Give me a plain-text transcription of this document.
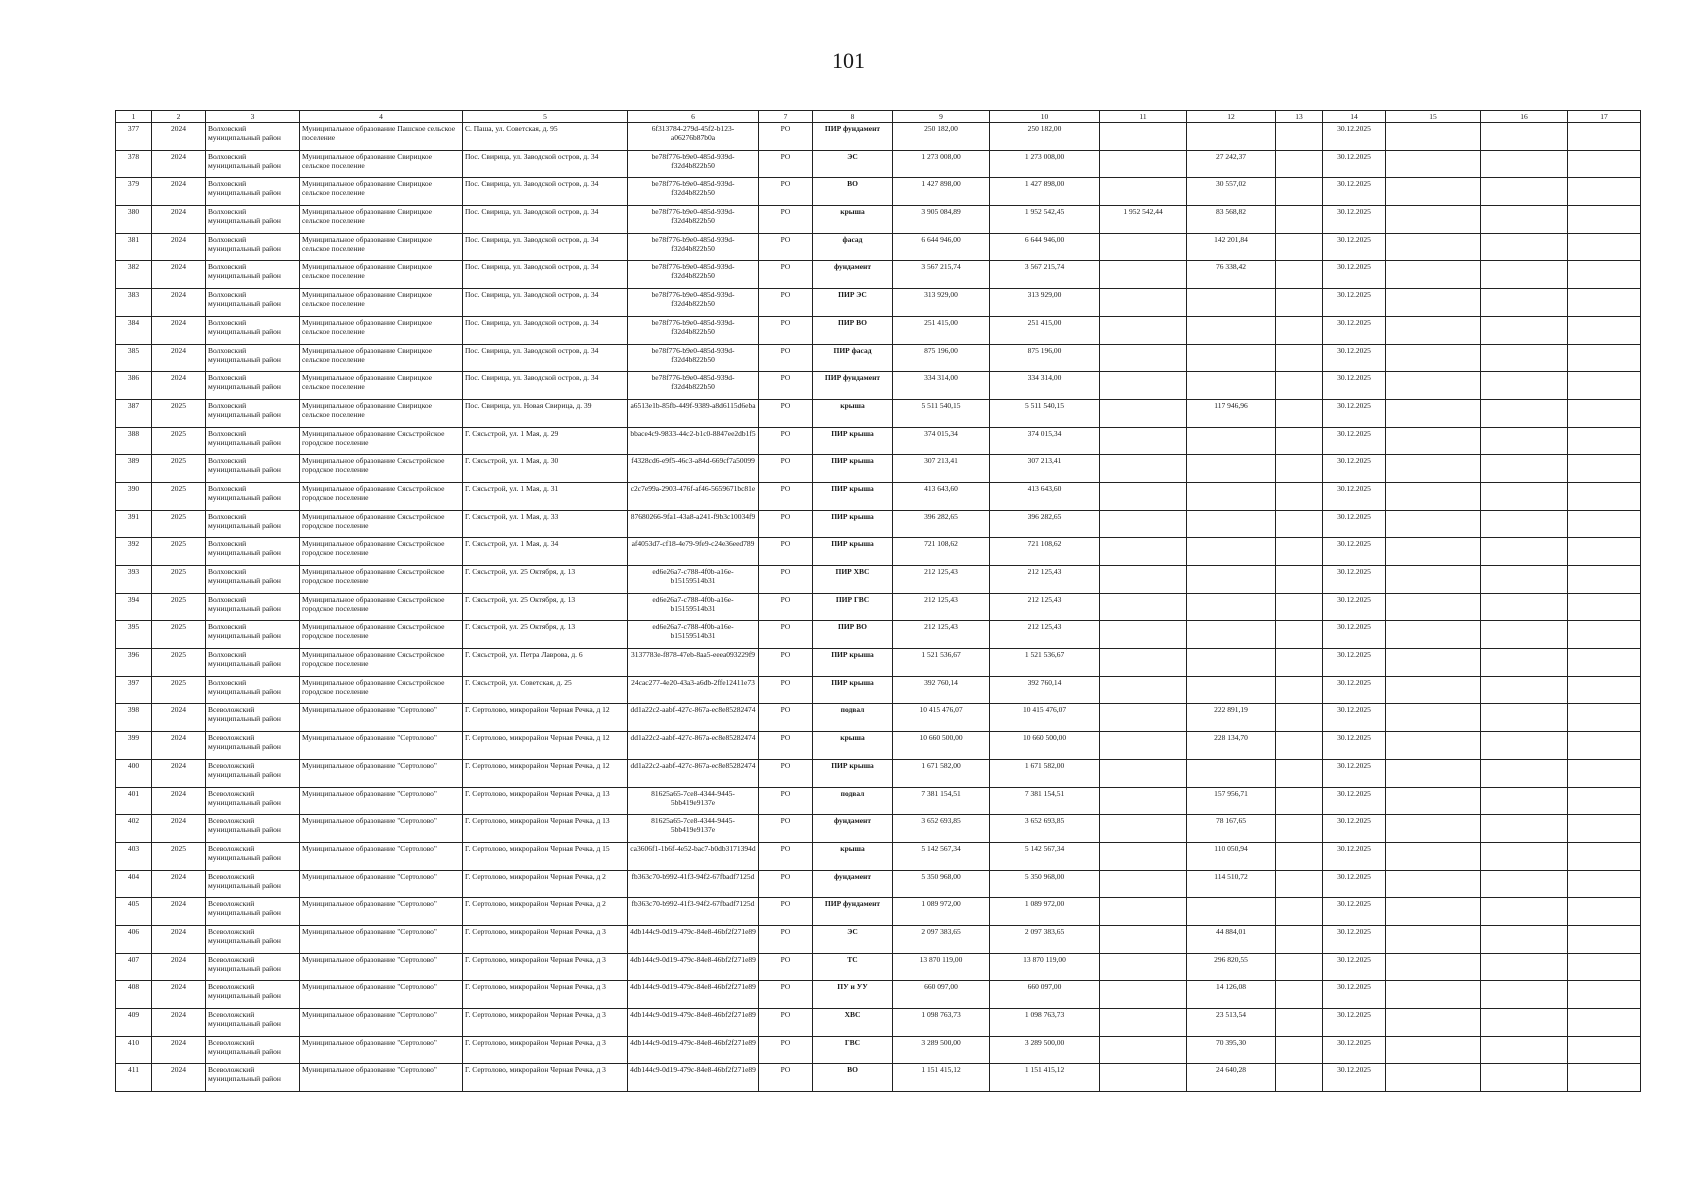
101
1	2	3	4	5	6	7	8	9	10	11	12	13	14	15	16	17
377	2024	Волховский муниципальный район	Муниципальное образование Пашское сельское поселение	С. Паша, ул. Советская, д. 95	6f313784-279d-45f2-b123-a06276b87b0a	РО	ПИР фундамент	250 182,00	250 182,00				30.12.2025			
378	2024	Волховский муниципальный район	Муниципальное образование Свирицкое сельское поселение	Пос. Свирица, ул. Заводской остров, д. 34	be78f776-b9e0-485d-939d-f32d4b822b50	РО	ЭС	1 273 008,00	1 273 008,00		27 242,37		30.12.2025			
379	2024	Волховский муниципальный район	Муниципальное образование Свирицкое сельское поселение	Пос. Свирица, ул. Заводской остров, д. 34	be78f776-b9e0-485d-939d-f32d4b822b50	РО	ВО	1 427 898,00	1 427 898,00		30 557,02		30.12.2025			
380	2024	Волховский муниципальный район	Муниципальное образование Свирицкое сельское поселение	Пос. Свирица, ул. Заводской остров, д. 34	be78f776-b9e0-485d-939d-f32d4b822b50	РО	крыша	3 905 084,89	1 952 542,45	1 952 542,44	83 568,82		30.12.2025			
381	2024	Волховский муниципальный район	Муниципальное образование Свирицкое сельское поселение	Пос. Свирица, ул. Заводской остров, д. 34	be78f776-b9e0-485d-939d-f32d4b822b50	РО	фасад	6 644 946,00	6 644 946,00		142 201,84		30.12.2025			
382	2024	Волховский муниципальный район	Муниципальное образование Свирицкое сельское поселение	Пос. Свирица, ул. Заводской остров, д. 34	be78f776-b9e0-485d-939d-f32d4b822b50	РО	фундамент	3 567 215,74	3 567 215,74		76 338,42		30.12.2025			
383	2024	Волховский муниципальный район	Муниципальное образование Свирицкое сельское поселение	Пос. Свирица, ул. Заводской остров, д. 34	be78f776-b9e0-485d-939d-f32d4b822b50	РО	ПИР ЭС	313 929,00	313 929,00				30.12.2025			
384	2024	Волховский муниципальный район	Муниципальное образование Свирицкое сельское поселение	Пос. Свирица, ул. Заводской остров, д. 34	be78f776-b9e0-485d-939d-f32d4b822b50	РО	ПИР ВО	251 415,00	251 415,00				30.12.2025			
385	2024	Волховский муниципальный район	Муниципальное образование Свирицкое сельское поселение	Пос. Свирица, ул. Заводской остров, д. 34	be78f776-b9e0-485d-939d-f32d4b822b50	РО	ПИР фасад	875 196,00	875 196,00				30.12.2025			
386	2024	Волховский муниципальный район	Муниципальное образование Свирицкое сельское поселение	Пос. Свирица, ул. Заводской остров, д. 34	be78f776-b9e0-485d-939d-f32d4b822b50	РО	ПИР фундамент	334 314,00	334 314,00				30.12.2025			
387	2025	Волховский муниципальный район	Муниципальное образование Свирицкое сельское поселение	Пос. Свирица, ул. Новая Свирица, д. 39	a6513e1b-85fb-449f-9389-a8d6115d6eba	РО	крыша	5 511 540,15	5 511 540,15		117 946,96		30.12.2025			
388	2025	Волховский муниципальный район	Муниципальное образование Сясьстройское городское поселение	Г. Сясьстрой, ул. 1 Мая, д. 29	bbace4c9-9833-44c2-b1c0-8847ee2db1f5	РО	ПИР крыша	374 015,34	374 015,34				30.12.2025			
389	2025	Волховский муниципальный район	Муниципальное образование Сясьстройское городское поселение	Г. Сясьстрой, ул. 1 Мая, д. 30	f4328cd6-e9f5-46c3-a84d-669cf7a50099	РО	ПИР крыша	307 213,41	307 213,41				30.12.2025			
390	2025	Волховский муниципальный район	Муниципальное образование Сясьстройское городское поселение	Г. Сясьстрой, ул. 1 Мая, д. 31	c2c7e99a-2903-476f-af46-5659671bc81e	РО	ПИР крыша	413 643,60	413 643,60				30.12.2025			
391	2025	Волховский муниципальный район	Муниципальное образование Сясьстройское городское поселение	Г. Сясьстрой, ул. 1 Мая, д. 33	87680266-9fa1-43a8-a241-f9b3c10034f9	РО	ПИР крыша	396 282,65	396 282,65				30.12.2025			
392	2025	Волховский муниципальный район	Муниципальное образование Сясьстройское городское поселение	Г. Сясьстрой, ул. 1 Мая, д. 34	af4053d7-cf18-4e79-9fe9-c24e36eed789	РО	ПИР крыша	721 108,62	721 108,62				30.12.2025			
393	2025	Волховский муниципальный район	Муниципальное образование Сясьстройское городское поселение	Г. Сясьстрой, ул. 25 Октября, д. 13	ed6e26a7-c788-4f0b-a16e-b15159514b31	РО	ПИР ХВС	212 125,43	212 125,43				30.12.2025			
394	2025	Волховский муниципальный район	Муниципальное образование Сясьстройское городское поселение	Г. Сясьстрой, ул. 25 Октября, д. 13	ed6e26a7-c788-4f0b-a16e-b15159514b31	РО	ПИР ГВС	212 125,43	212 125,43				30.12.2025			
395	2025	Волховский муниципальный район	Муниципальное образование Сясьстройское городское поселение	Г. Сясьстрой, ул. 25 Октября, д. 13	ed6e26a7-c788-4f0b-a16e-b15159514b31	РО	ПИР ВО	212 125,43	212 125,43				30.12.2025			
396	2025	Волховский муниципальный район	Муниципальное образование Сясьстройское городское поселение	Г. Сясьстрой, ул. Петра Лаврова, д. 6	3137783e-f878-47eb-8aa5-eeea093229f9	РО	ПИР крыша	1 521 536,67	1 521 536,67				30.12.2025			
397	2025	Волховский муниципальный район	Муниципальное образование Сясьстройское городское поселение	Г. Сясьстрой, ул. Советская, д. 25	24cac277-4e20-43a3-a6db-2ffe12411e73	РО	ПИР крыша	392 760,14	392 760,14				30.12.2025			
398	2024	Всеволожский муниципальный район	Муниципальное образование "Сертолово"	Г. Сертолово, микрорайон Черная Речка, д 12	dd1a22c2-aabf-427c-867a-ec8e85282474	РО	подвал	10 415 476,07	10 415 476,07		222 891,19		30.12.2025			
399	2024	Всеволожский муниципальный район	Муниципальное образование "Сертолово"	Г. Сертолово, микрорайон Черная Речка, д 12	dd1a22c2-aabf-427c-867a-ec8e85282474	РО	крыша	10 660 500,00	10 660 500,00		228 134,70		30.12.2025			
400	2024	Всеволожский муниципальный район	Муниципальное образование "Сертолово"	Г. Сертолово, микрорайон Черная Речка, д 12	dd1a22c2-aabf-427c-867a-ec8e85282474	РО	ПИР крыша	1 671 582,00	1 671 582,00				30.12.2025			
401	2024	Всеволожский муниципальный район	Муниципальное образование "Сертолово"	Г. Сертолово, микрорайон Черная Речка, д 13	81625a65-7ce8-4344-9445-5bb419e9137e	РО	подвал	7 381 154,51	7 381 154,51		157 956,71		30.12.2025			
402	2024	Всеволожский муниципальный район	Муниципальное образование "Сертолово"	Г. Сертолово, микрорайон Черная Речка, д 13	81625a65-7ce8-4344-9445-5bb419e9137e	РО	фундамент	3 652 693,85	3 652 693,85		78 167,65		30.12.2025			
403	2025	Всеволожский муниципальный район	Муниципальное образование "Сертолово"	Г. Сертолово, микрорайон Черная Речка, д 15	ca3606f1-1b6f-4e52-bac7-b0db3171394d	РО	крыша	5 142 567,34	5 142 567,34		110 050,94		30.12.2025			
404	2024	Всеволожский муниципальный район	Муниципальное образование "Сертолово"	Г. Сертолово, микрорайон Черная Речка, д 2	fb363c70-b992-41f3-94f2-67fbadf7125d	РО	фундамент	5 350 968,00	5 350 968,00		114 510,72		30.12.2025			
405	2024	Всеволожский муниципальный район	Муниципальное образование "Сертолово"	Г. Сертолово, микрорайон Черная Речка, д 2	fb363c70-b992-41f3-94f2-67fbadf7125d	РО	ПИР фундамент	1 089 972,00	1 089 972,00				30.12.2025			
406	2024	Всеволожский муниципальный район	Муниципальное образование "Сертолово"	Г. Сертолово, микрорайон Черная Речка, д 3	4db144c9-0d19-479c-84e8-46bf2f271e89	РО	ЭС	2 097 383,65	2 097 383,65		44 884,01		30.12.2025			
407	2024	Всеволожский муниципальный район	Муниципальное образование "Сертолово"	Г. Сертолово, микрорайон Черная Речка, д 3	4db144c9-0d19-479c-84e8-46bf2f271e89	РО	ТС	13 870 119,00	13 870 119,00		296 820,55		30.12.2025			
408	2024	Всеволожский муниципальный район	Муниципальное образование "Сертолово"	Г. Сертолово, микрорайон Черная Речка, д 3	4db144c9-0d19-479c-84e8-46bf2f271e89	РО	ПУ и УУ	660 097,00	660 097,00		14 126,08		30.12.2025			
409	2024	Всеволожский муниципальный район	Муниципальное образование "Сертолово"	Г. Сертолово, микрорайон Черная Речка, д 3	4db144c9-0d19-479c-84e8-46bf2f271e89	РО	ХВС	1 098 763,73	1 098 763,73		23 513,54		30.12.2025			
410	2024	Всеволожский муниципальный район	Муниципальное образование "Сертолово"	Г. Сертолово, микрорайон Черная Речка, д 3	4db144c9-0d19-479c-84e8-46bf2f271e89	РО	ГВС	3 289 500,00	3 289 500,00		70 395,30		30.12.2025			
411	2024	Всеволожский муниципальный район	Муниципальное образование "Сертолово"	Г. Сертолово, микрорайон Черная Речка, д 3	4db144c9-0d19-479c-84e8-46bf2f271e89	РО	ВО	1 151 415,12	1 151 415,12		24 640,28		30.12.2025			
